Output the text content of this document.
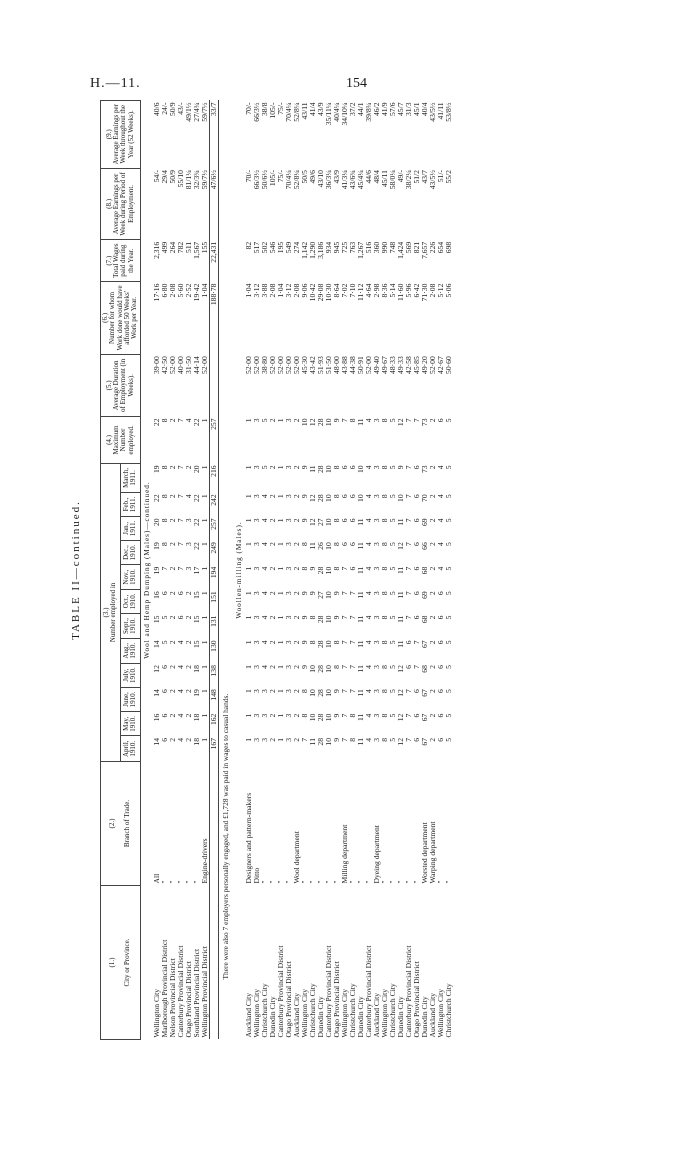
H.—11.	154
TABLE II—continued.
(1.) City or Province.	(2.) Branch of Trade.	(3.)
Number employed in												(4.)
Maximum Number employed.	(5.)
Average Duration of Employment (in Weeks).	(6.)
Number for whom Work done would have afforded 50 Weeks' Work per Year.	(7.)
Total Wages paid during the Year.	(8.)
Average Earnings per Week during Period of Employment.	(9.)
Average Earnings per Week throughout the Year (52 Weeks).
		April, 1910.	May, 1910.	June, 1910.	July, 1910.	Aug., 1910.	Sept., 1910.	Oct., 1910.	Nov., 1910.	Dec., 1910.	Jan., 1911.	Feb., 1911.	March, 1911.						
Wool and Hemp Dumping (Males)—continued.																			
Wellington City	All	14	16	14	12	14	15	16	19	19	20	22	19	22	39·00	17·16	2,316	54/-	40/6
Marlborough Provincial District	"	6	6	6	6	5	5	6	7	8	8	8	8	8	42·50	6·80	499	29/4	24/-
Nelson Provincial District	"	2	2	2	2	2	2	2	2	2	2	2	2	2	52·00	2·08	264	50/9	50/9
Canterbury Provincial District	"	4	4	4	4	4	6	6	7	7	7	7	7	7	40·00	5·60	782	55/10	43/-
Otago Provincial District	"	2	2	2	2	2	2	2	3	3	3	4	2	4	31·50	2·52	511	81/1¼	49/1½
Southland Provincial District	"	18	18	19	18	15	15	15	17	22	22	22	20	22	44·14	19·42	1,567	32/3¾	27/4¾
Wellington Provincial District	Engine-drivers	1	1	1	1	1	1	1	1	1	1	1	1	1	52·00	1·04	155	59/7½	59/7½
		167	162	148	138	130	131	151	194	249	257	242	216	257		188·78	22,431	47/6½	33/7
There were also 7 employers personally engaged, and £1,728 was paid in wages to casual hands.																			
Woollen-milling (Males).																			
Auckland City	Designers and pattern-makers	1	1	1	1	1	1	1	1	1	1	1	1	1	52·00	1·04	82	70/-	70/-
Wellington City	Ditto	3	3	3	3	3	3	3	3	3	3	3	3	3	52·00	3·12	517	66/3½	66/3½
Christchurch City	"	3	3	3	4	4	4	4	4	4	4	4	5	5	38·80	3·88	502	50/6½	38/8
Dunedin City	"	2	2	2	2	2	2	2	2	2	2	2	2	2	52·00	2·08	546	105/-	105/-
Canterbury Provincial District	"	1	1	1	1	1	1	1	1	1	1	1	1	1	52·00	1·04	195	75/-	75/-
Otago Provincial District	"	3	3	3	3	3	3	3	3	3	3	3	3	3	52·00	3·12	549	70/4¼	70/4¼
Auckland City	Wool department	2	2	2	2	2	2	2	2	2	2	2	2	2	52·00	2·08	274	52/8¼	52/8¼
Wellington City	"	7	8	8	9	9	9	9	8	8	9	9	9	10	45·30	9·06	1,142	50/5	43/11
Christchurch City	"	11	10	10	10	8	8	9	9	11	12	12	11	12	43·42	10·42	1,290	49/6	41/4
Dunedin City	"	28	28	28	28	28	28	27	28	26	27	28	28	28	51·93	29·08	3,186	43/10	43/9
Canterbury Provincial District	"	10	10	10	10	10	10	10	10	10	10	10	10	10	51·50	10·30	934	36/3¼	35/11¼
Otago Provincial District	"	9	9	9	8	8	9	9	8	8	8	8	8	9	48·00	8·64	945	43/9	40/4¼
Wellington City	Milling department	7	7	7	7	7	7	7	7	6	6	6	6	7	43·88	7·02	725	41/3¼	34/10¼
Christchurch City	"	8	8	7	7	7	7	7	6	6	6	6	6	8	44·38	7·10	763	43/6¾	37/2
Dunedin City	"	11	11	11	11	11	11	11	11	11	11	10	10	11	50·91	11·12	1,267	45/4¼	44/1
Canterbury Provincial District	"	4	4	4	4	4	4	4	4	4	4	4	4	4	52·00	4·64	516	44/6	39/8¾
Auckland City	Dyeing department	3	3	3	3	3	3	3	3	3	3	3	3	3	49·40	2·98	360	48/4	46/2
Wellington City	"	8	8	8	8	8	8	8	8	8	8	8	8	8	49·67	8·36	990	45/11	41/9
Christchurch City	"	5	5	5	5	5	5	5	5	5	5	5	5	5	48·33	5·14	748	58/0¼	57/6
Dunedin City	"	12	12	12	12	11	11	11	11	12	11	10	9	12	49·33	11·60	1,424	49/-	45/7
Canterbury Provincial District	"	7	7	7	6	6	7	7	7	7	7	7	7	7	42·58	5·96	569	38/2¼	31/3
Otago Provincial District	"	6	6	6	7	7	6	6	6	6	6	6	6	7	45·85	6·42	821	51/2	45/1
Dunedin City	Worsted department	67	67	67	68	67	68	69	68	66	69	70	73	73	49·20	71·30	7,657	43/7	40/4
Auckland City	Warping department	2	2	2	2	2	2	2	2	2	2	2	2	2	52·00	2·08	226	43/5½	43/5½
Wellington City	"	6	6	6	6	6	6	6	4	4	4	4	4	6	42·67	5·12	654	51/-	41/11
Christchurch City	"	5	5	5	5	5	5	5	5	5	5	5	5	5	50·60	5·06	698	55/2	53/8½
